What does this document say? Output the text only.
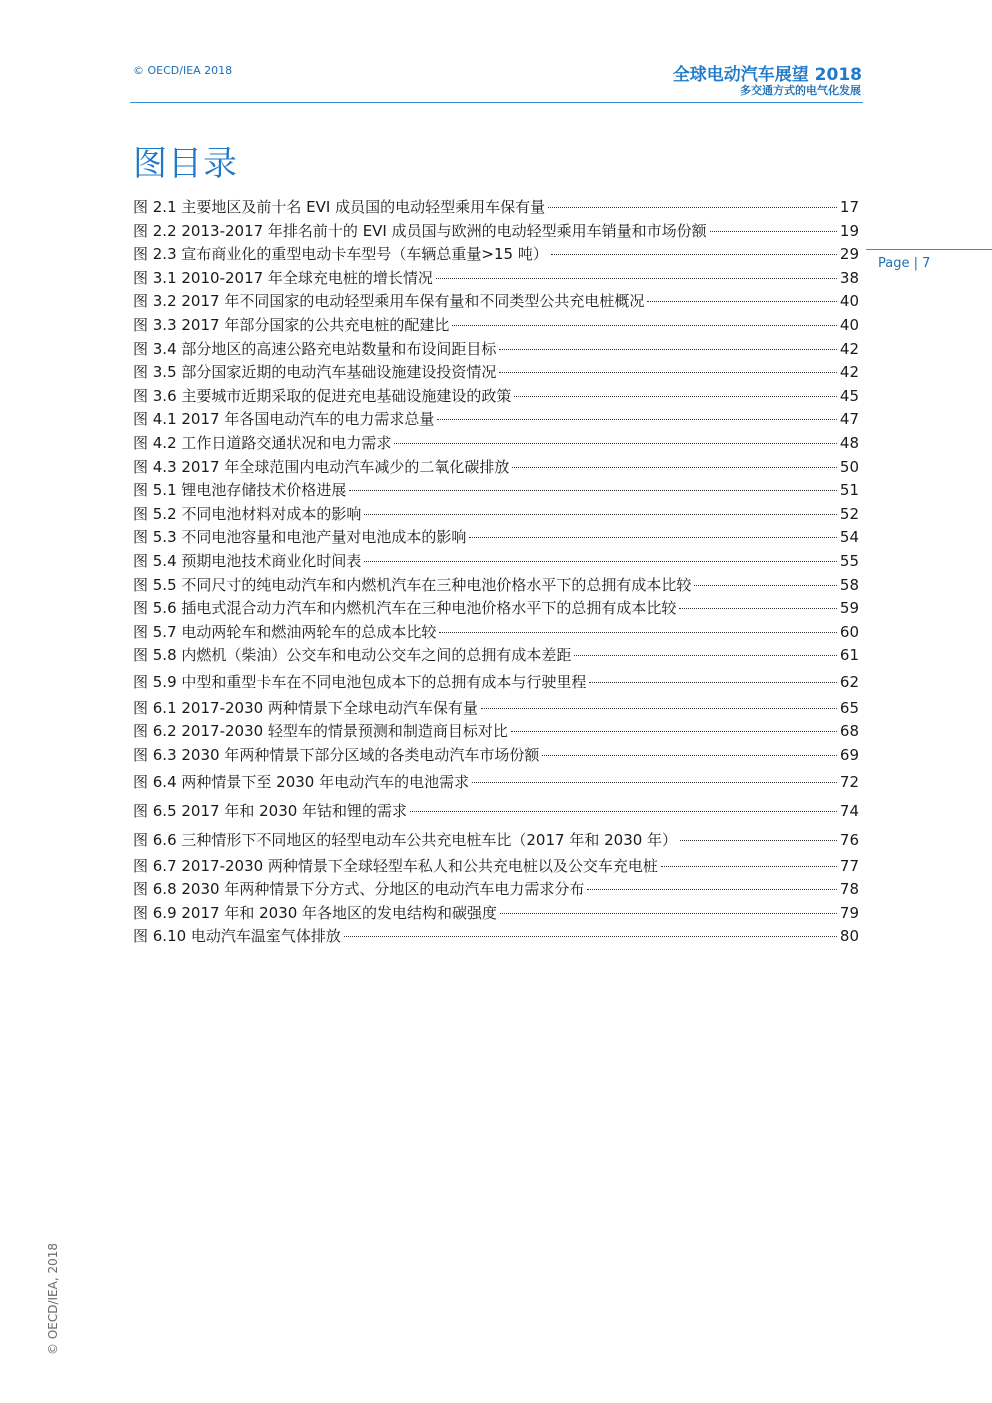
© OECD/IEA 2018	全球电动汽车展望 2018
多交通方式的电气化发展
图目录
Page | 7
图 2.1 主要地区及前十名 EVI 成员国的电动轻型乘用车保有量	17
图 2.2 2013-2017 年排名前十的 EVI 成员国与欧洲的电动轻型乘用车销量和市场份额	19
图 2.3 宣布商业化的重型电动卡车型号（车辆总重量>15 吨）	29
图 3.1 2010-2017 年全球充电桩的增长情况	38
图 3.2 2017 年不同国家的电动轻型乘用车保有量和不同类型公共充电桩概况	40
图 3.3 2017 年部分国家的公共充电桩的配建比	40
图 3.4 部分地区的高速公路充电站数量和布设间距目标	42
图 3.5 部分国家近期的电动汽车基础设施建设投资情况	42
图 3.6 主要城市近期采取的促进充电基础设施建设的政策	45
图 4.1 2017 年各国电动汽车的电力需求总量	47
图 4.2 工作日道路交通状况和电力需求	48
图 4.3 2017 年全球范围内电动汽车减少的二氧化碳排放	50
图 5.1 锂电池存储技术价格进展	51
图 5.2 不同电池材料对成本的影响	52
图 5.3 不同电池容量和电池产量对电池成本的影响	54
图 5.4 预期电池技术商业化时间表	55
图 5.5 不同尺寸的纯电动汽车和内燃机汽车在三种电池价格水平下的总拥有成本比较	58
图 5.6 插电式混合动力汽车和内燃机汽车在三种电池价格水平下的总拥有成本比较	59
图 5.7 电动两轮车和燃油两轮车的总成本比较	60
图 5.8 内燃机（柴油）公交车和电动公交车之间的总拥有成本差距	61
图 5.9 中型和重型卡车在不同电池包成本下的总拥有成本与行驶里程	62
图 6.1 2017-2030 两种情景下全球电动汽车保有量	65
图 6.2 2017-2030 轻型车的情景预测和制造商目标对比	68
图 6.3 2030 年两种情景下部分区域的各类电动汽车市场份额	69
图 6.4 两种情景下至 2030 年电动汽车的电池需求	72
图 6.5 2017 年和 2030 年钴和锂的需求	74
图 6.6 三种情形下不同地区的轻型电动车公共充电桩车比（2017 年和 2030 年）	76
图 6.7 2017-2030 两种情景下全球轻型车私人和公共充电桩以及公交车充电桩	77
图 6.8 2030 年两种情景下分方式、分地区的电动汽车电力需求分布	78
图 6.9 2017 年和 2030 年各地区的发电结构和碳强度	79
图 6.10 电动汽车温室气体排放	80
© OECD/IEA, 2018
